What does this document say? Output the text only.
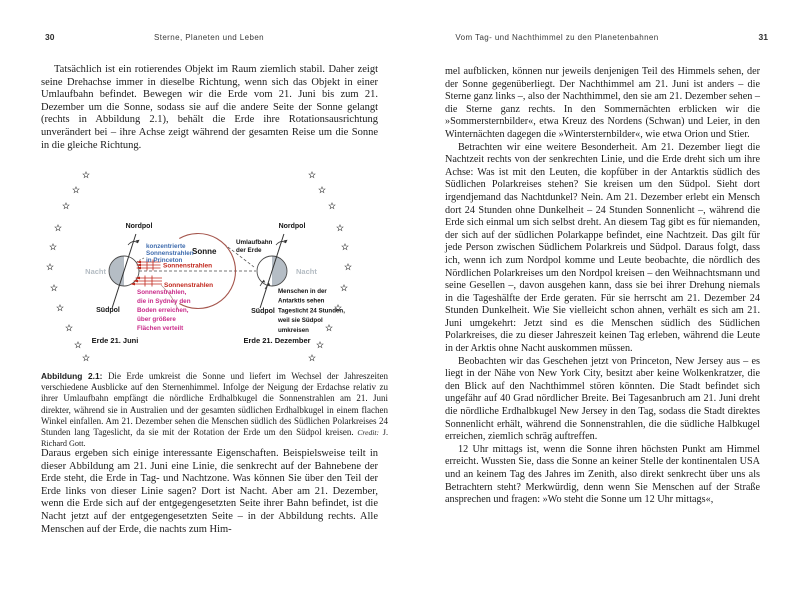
30	Sterne, Planeten und Leben	Vom Tag- und Nachthimmel zu den Planetenbahnen	31

Tatsächlich ist ein rotierendes Objekt im Raum ziemlich stabil. Daher zeigt seine Drehachse immer in dieselbe Richtung, wenn sich das Objekt in einer Umlaufbahn befindet. Bewegen wir die Erde vom 21. Juni bis zum 21. Dezember um die Sonne, sodass sie auf die andere Seite der Sonne gelangt (rechts in Abbildung 2.1), behält die Erde ihre Rotationsausrichtung unverändert bei – ihre Achse zeigt während der gesamten Reise um die Sonne in die gleiche Richtung.

Sonne
Nordpol
Südpol
Nacht
Nordpol
Südpol
Nacht
Sonnenstrahlen
Sonnenstrahlen
konzentrierte
Sonnenstrahlen
in Princeton
Sonnenstrahlen,
die in Sydney den
Boden erreichen,
über größere
Flächen verteilt
Umlaufbahn
der Erde
Menschen in der
Antarktis sehen
Tageslicht 24 Stunden,
weil sie Südpol
umkreisen
Erde 21. Juni	Erde 21. Dezember

Abbildung 2.1: Die Erde umkreist die Sonne und liefert im Wechsel der Jahreszeiten verschiedene Ausblicke auf den Sternenhimmel. Infolge der Neigung der Erdachse relativ zu ihrer Umlaufbahn empfängt die nördliche Erdhalbkugel die Sonnenstrahlen am 21. Juni direkter, während sie in Australien und der gesamten südlichen Erdhalbkugel in einem flachen Winkel einfallen. Am 21. Dezember sehen die Menschen südlich des Südlichen Polarkreises 24 Stunden lang Tageslicht, da sie mit der Rotation der Erde um den Südpol kreisen. Credit: J. Richard Gott.

Daraus ergeben sich einige interessante Eigenschaften. Beispielsweise teilt in dieser Abbildung am 21. Juni eine Linie, die senkrecht auf der Bahnebene der Erde steht, die Erde in Tag- und Nachtzone. Was können Sie über den Teil der Erde links von dieser Linie sagen? Dort ist Nacht. Aber am 21. Dezember, wenn die Erde sich auf der entgegengesetzten Seite ihrer Bahn befindet, ist die Nacht jetzt auf der entgegengesetzten Seite – in der Abbildung rechts. Alle Menschen auf der Erde, die nachts zum Him-

mel aufblicken, können nur jeweils denjenigen Teil des Himmels sehen, der der Sonne gegenüberliegt. Der Nachthimmel am 21. Juni ist anders – die Sterne ganz links –, also der Nachthimmel, den sie am 21. Dezember sehen – die Sterne ganz rechts. In den Sommernächten erblicken wir die »Sommersternbilder«, etwa Kreuz des Nordens (Schwan) und Leier, in den Winternächten dagegen die »Wintersternbilder«, wie etwa Orion und Stier.

Betrachten wir eine weitere Besonderheit. Am 21. Dezember liegt die Nachtzeit rechts von der senkrechten Linie, und die Erde dreht sich um ihre Achse: Was ist mit den Leuten, die kopfüber in der Antarktis südlich des Südlichen Polarkreises stehen? Sie kreisen um den Südpol. Sieht dort irgendjemand das Nachtdunkel? Nein. Am 21. Dezember erlebt ein Mensch dort 24 Stunden ohne Dunkelheit – 24 Stunden Sonnenlicht –, während die Erde sich einmal um sich selbst dreht. An diesem Tag gibt es für niemanden, der sich auf der südlichen Polarkappe befindet, eine Nachtzeit. Das gilt für jede Person zwischen Südlichem Polarkreis und Südpol. Daraus folgt, dass ich, wenn ich zum Nordpol komme und Leute beobachte, die nördlich des Nördlichen Polarkreises um den Nordpol kreisen – den Weihnachtsmann und seine Gesellen –, davon ausgehen kann, dass sie bei ihrer Drehung niemals in die Tageshälfte der Erde geraten. Für sie herrscht am 21. Dezember 24 Stunden Dunkelheit. Wie Sie vielleicht schon ahnen, verhält es sich am 21. Juni umgekehrt: Jetzt sind es die Menschen südlich des Südlichen Polarkreises, die zu dieser Jahreszeit keinen Tag erleben, während die Leute in der Arktis ohne Nacht auskommen müssen.

Beobachten wir das Geschehen jetzt von Princeton, New Jersey aus – es liegt in der Nähe von New York City, besitzt aber keine Wolkenkratzer, die den Blick auf den Nachthimmel stören könnten. Die Stadt befindet sich ungefähr auf 40 Grad nördlicher Breite. Bei Tagesanbruch am 21. Juni dreht die nördliche Erdhalbkugel New Jersey in den Tag, sodass die Stadt direktes Sonnenlicht erhält, während die Sonnenstrahlen, die die südliche Halbkugel erreichen, ziemlich schräg auftreffen.

12 Uhr mittags ist, wenn die Sonne ihren höchsten Punkt am Himmel erreicht. Wussten Sie, dass die Sonne an keiner Stelle der kontinentalen USA und an keinem Tag des Jahres im Zenith, also direkt senkrecht über uns als Betrachtern steht? Merkwürdig, denn wenn Sie Menschen auf der Straße ansprechen und fragen: »Wo steht die Sonne um 12 Uhr mittags«,
